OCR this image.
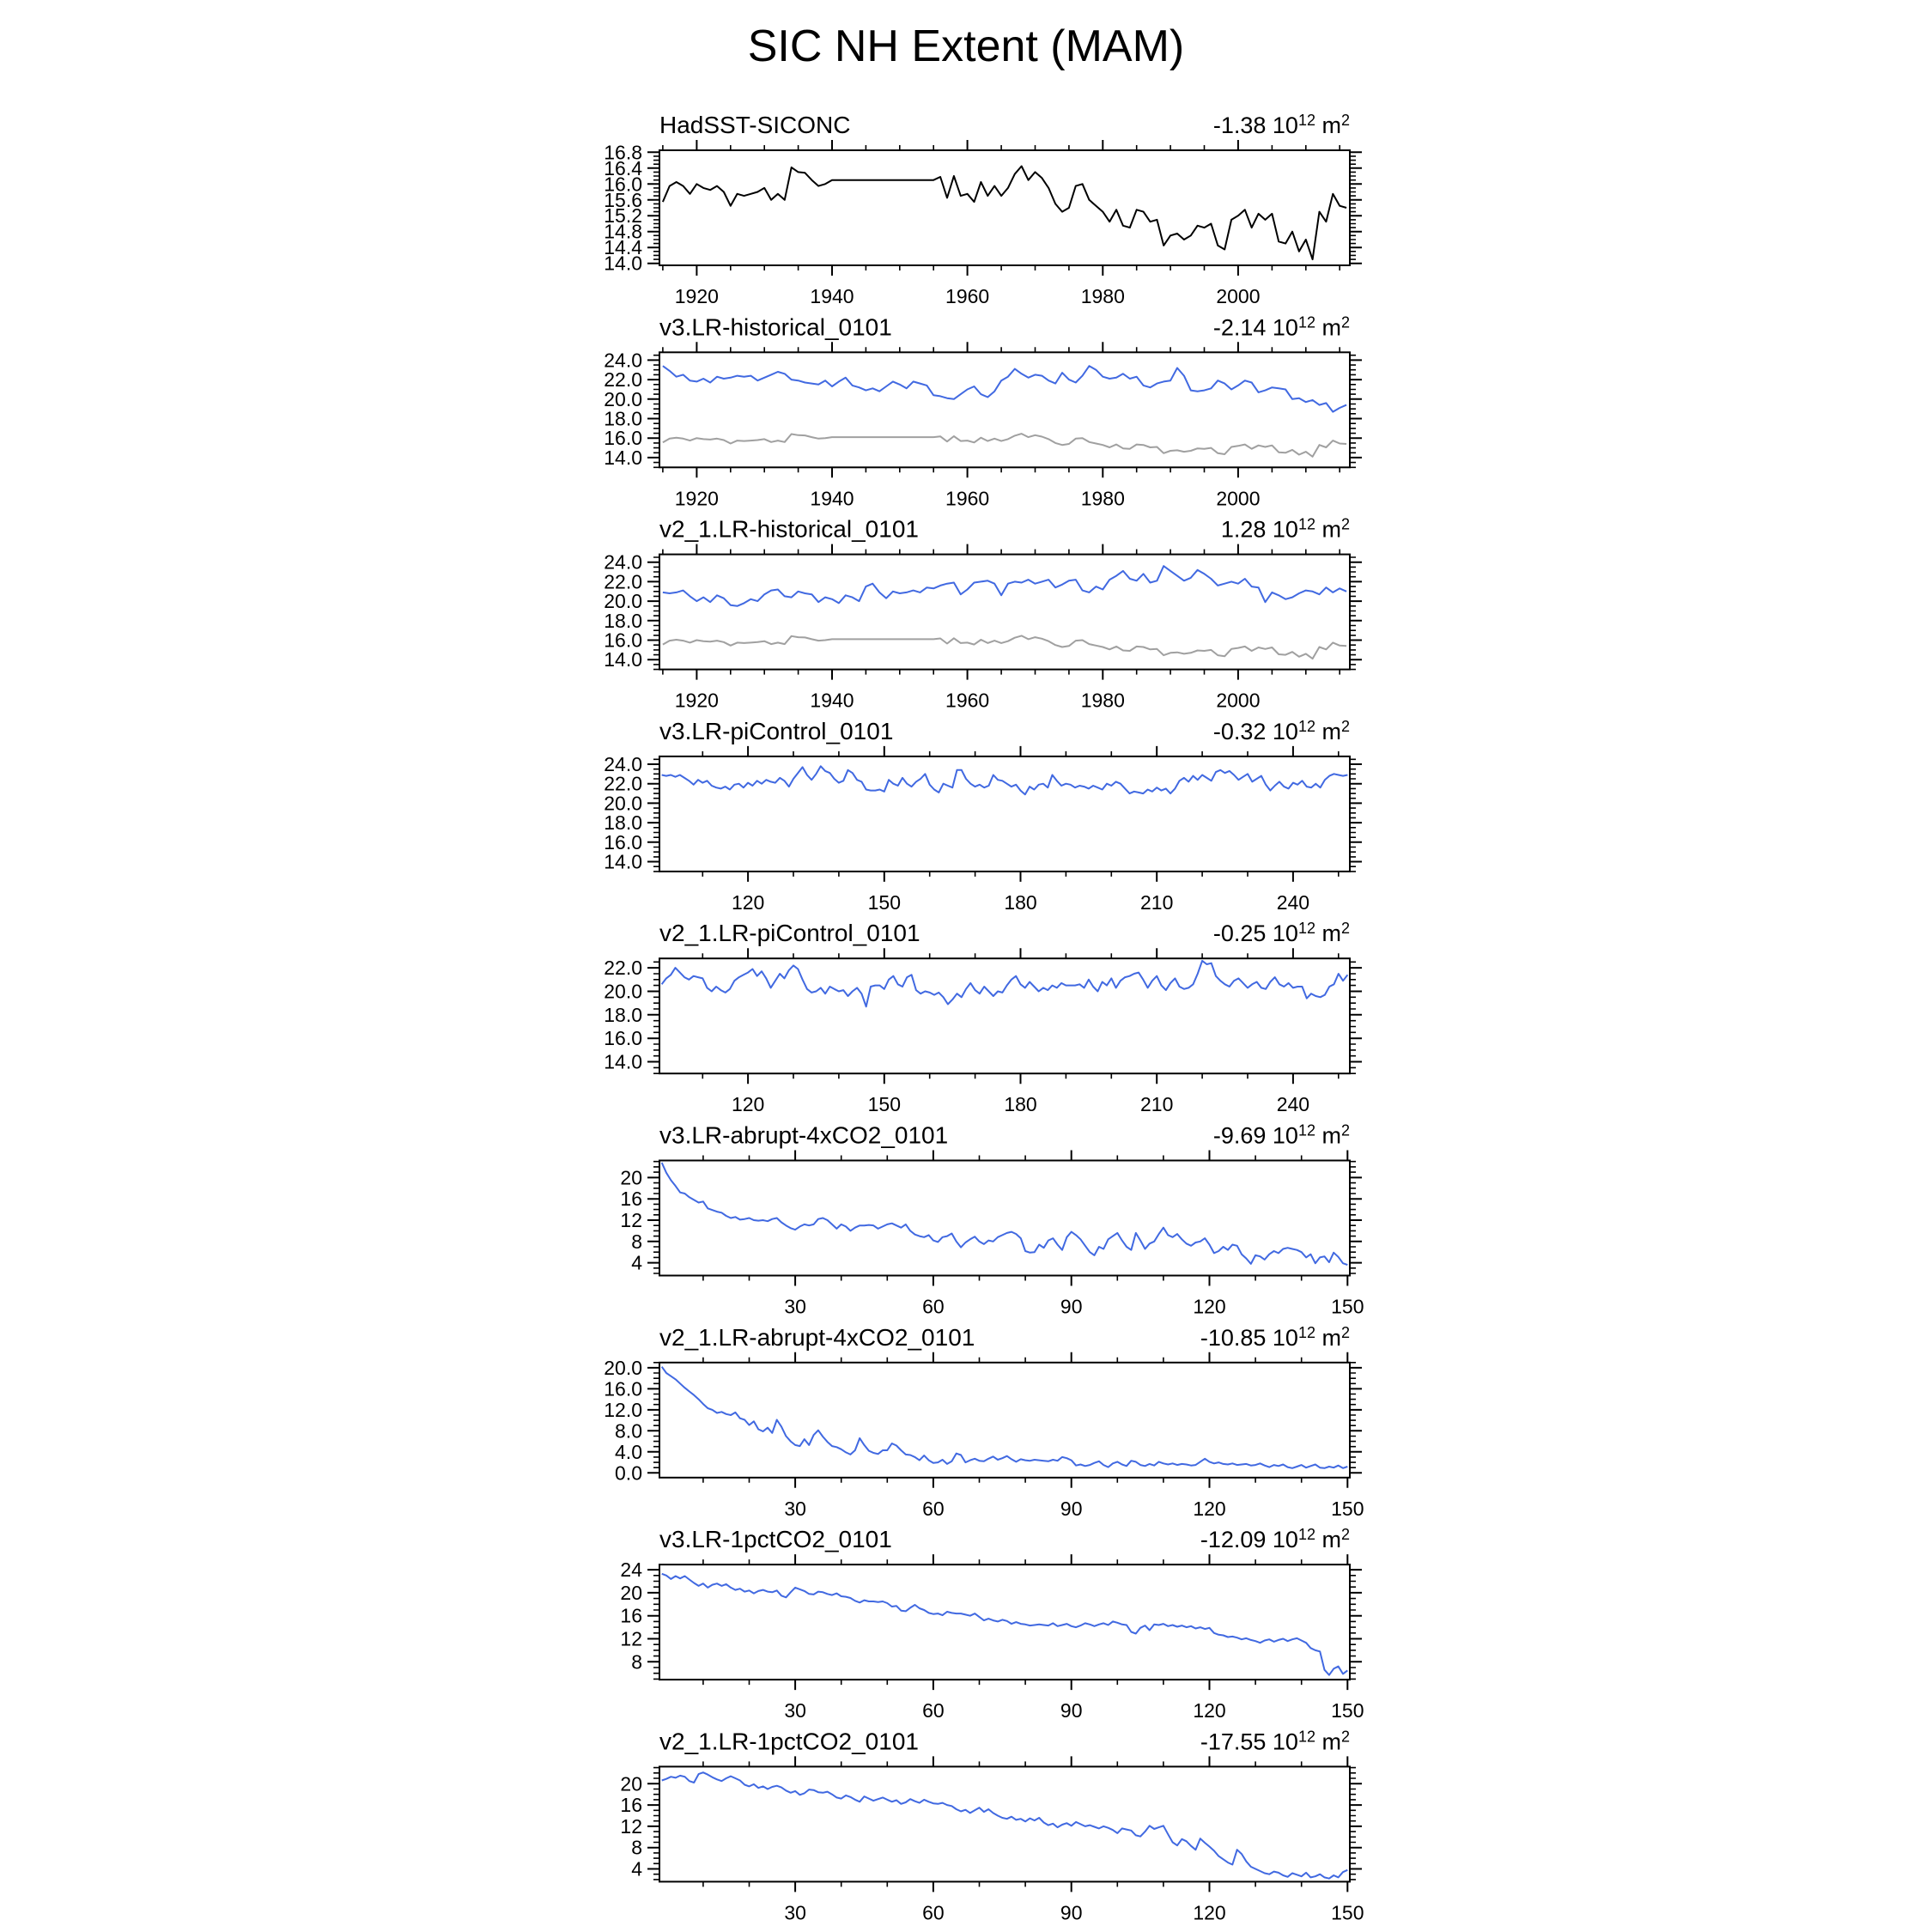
SIC NH Extent (MAM)
HadSST-SICONC	-1.38 $10^{12}$ $m^2$
14.0
14.4
14.8
15.2
15.6
16.0
16.4
16.8
1920	1940	1960	1980	2000
v3.LR-historical_0101	-2.14 $10^{12}$ $m^2$
14.0
16.0
18.0
20.0
22.0
24.0
1920	1940	1960	1980	2000
v2_1.LR-historical_0101	1.28 $10^{12}$ $m^2$
14.0
16.0
18.0
20.0
22.0
24.0
1920	1940	1960	1980	2000
v3.LR-piControl_0101	-0.32 $10^{12}$ $m^2$
14.0
16.0
18.0
20.0
22.0
24.0
120	150	180	210	240
v2_1.LR-piControl_0101	-0.25 $10^{12}$ $m^2$
14.0
16.0
18.0
20.0
22.0
120	150	180	210	240
v3.LR-abrupt-4xCO2_0101	-9.69 $10^{12}$ $m^2$
4
8
12
16
20
30	60	90	120	150
v2_1.LR-abrupt-4xCO2_0101	-10.85 $10^{12}$ $m^2$
0.0
4.0
8.0
12.0
16.0
20.0
30	60	90	120	150
v3.LR-1pctCO2_0101	-12.09 $10^{12}$ $m^2$
8
12
16
20
24
30	60	90	120	150
v2_1.LR-1pctCO2_0101	-17.55 $10^{12}$ $m^2$
4
8
12
16
20
30	60	90	120	150
